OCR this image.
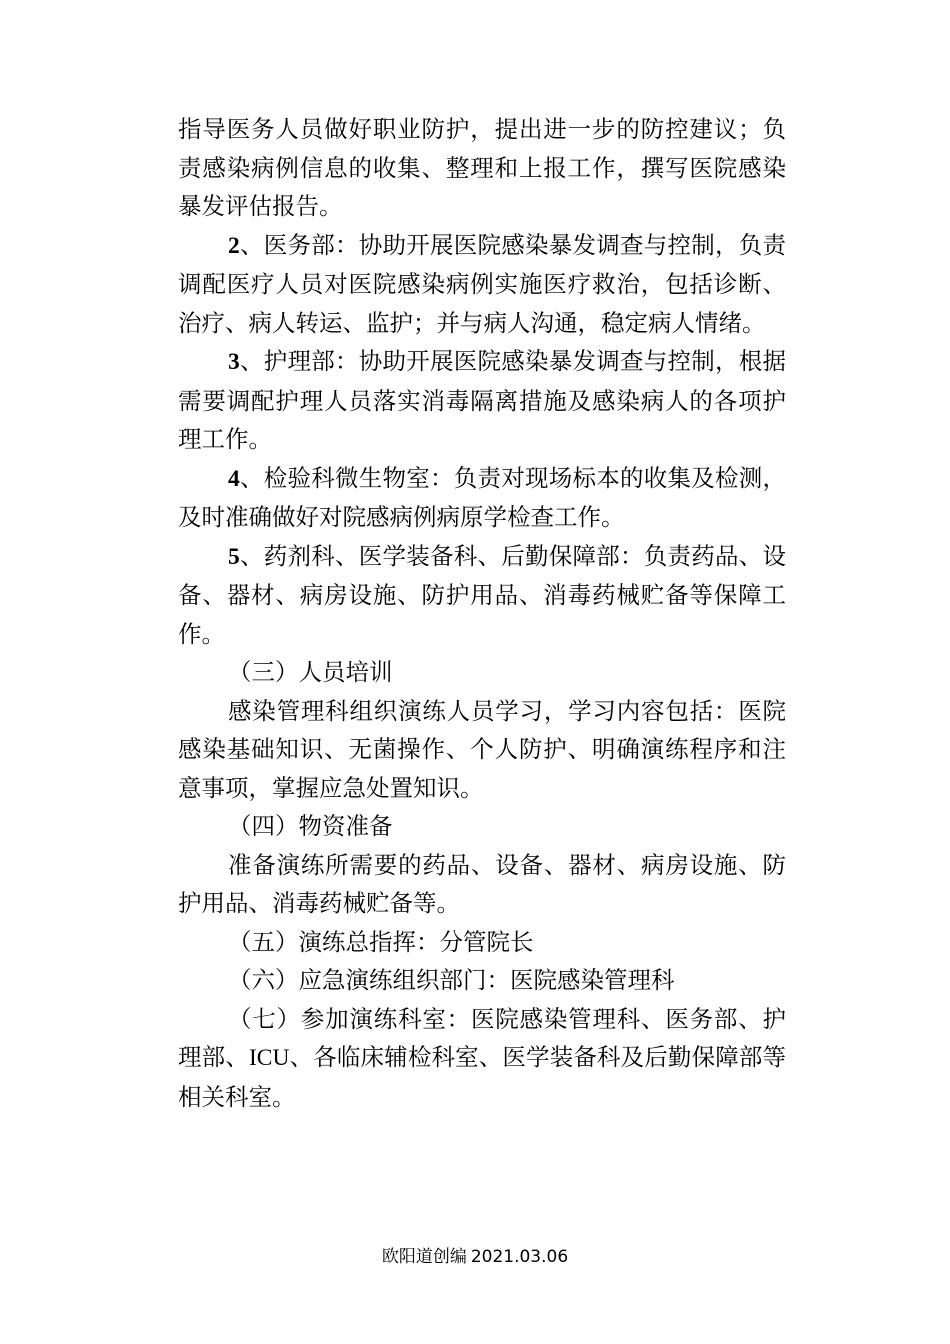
指导医务人员做好职业防护，提出进一步的防控建议；负责感染病例信息的收集、整理和上报工作，撰写医院感染暴发评估报告。

2、医务部：协助开展医院感染暴发调查与控制，负责调配医疗人员对医院感染病例实施医疗救治，包括诊断、治疗、病人转运、监护；并与病人沟通，稳定病人情绪。

3、护理部：协助开展医院感染暴发调查与控制，根据需要调配护理人员落实消毒隔离措施及感染病人的各项护理工作。

4、检验科微生物室：负责对现场标本的收集及检测，及时准确做好对院感病例病原学检查工作。

5、药剂科、医学装备科、后勤保障部：负责药品、设备、器材、病房设施、防护用品、消毒药械贮备等保障工作。

（三）人员培训

感染管理科组织演练人员学习，学习内容包括：医院感染基础知识、无菌操作、个人防护、明确演练程序和注意事项，掌握应急处置知识。

（四）物资准备

准备演练所需要的药品、设备、器材、病房设施、防护用品、消毒药械贮备等。

（五）演练总指挥：分管院长

（六）应急演练组织部门：医院感染管理科

（七）参加演练科室：医院感染管理科、医务部、护理部、ICU、各临床辅检科室、医学装备科及后勤保障部等相关科室。

欧阳道创编 2021.03.06
